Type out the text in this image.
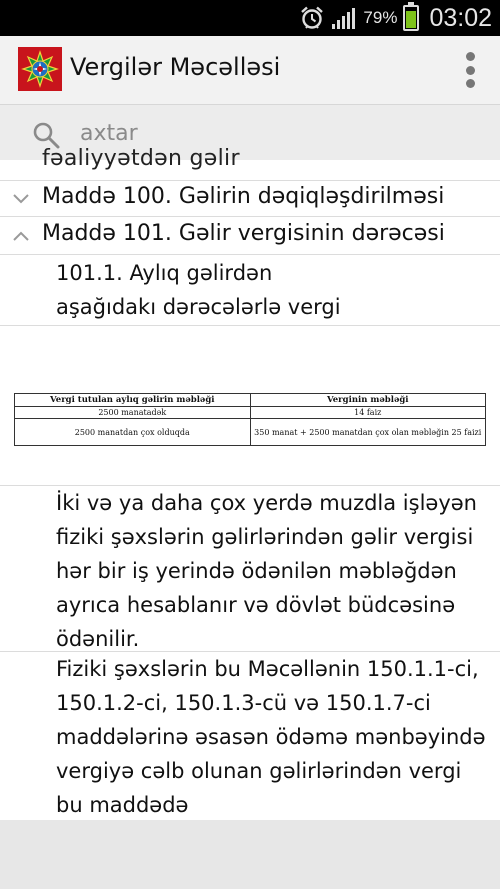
79% 03:02
Vergilər Məcəlləsi
axtar
fəaliyyətdən gəlir
Maddə 100. Gəlirin dəqiqləşdirilməsi
Maddə 101. Gəlir vergisinin dərəcəsi
101.1. Aylıq gəlirdən aşağıdakı dərəcələrlə vergi
Vergi tutulan aylıq gəlirin məbləği	Verginin məbləği
2500 manatadək	14 faiz
2500 manatdan çox olduqda	350 manat + 2500 manatdan çox olan məbləğin 25 faizi
İki və ya daha çox yerdə muzdla işləyən fiziki şəxslərin gəlirlərindən gəlir vergisi hər bir iş yerində ödənilən məbləğdən ayrıca hesablanır və dövlət büdcəsinə ödənilir.
Fiziki şəxslərin bu Məcəllənin 150.1.1-ci, 150.1.2-ci, 150.1.3-cü və 150.1.7-ci maddələrinə əsasən ödəmə mənbəyində vergiyə cəlb olunan gəlirlərindən vergi bu maddədə
